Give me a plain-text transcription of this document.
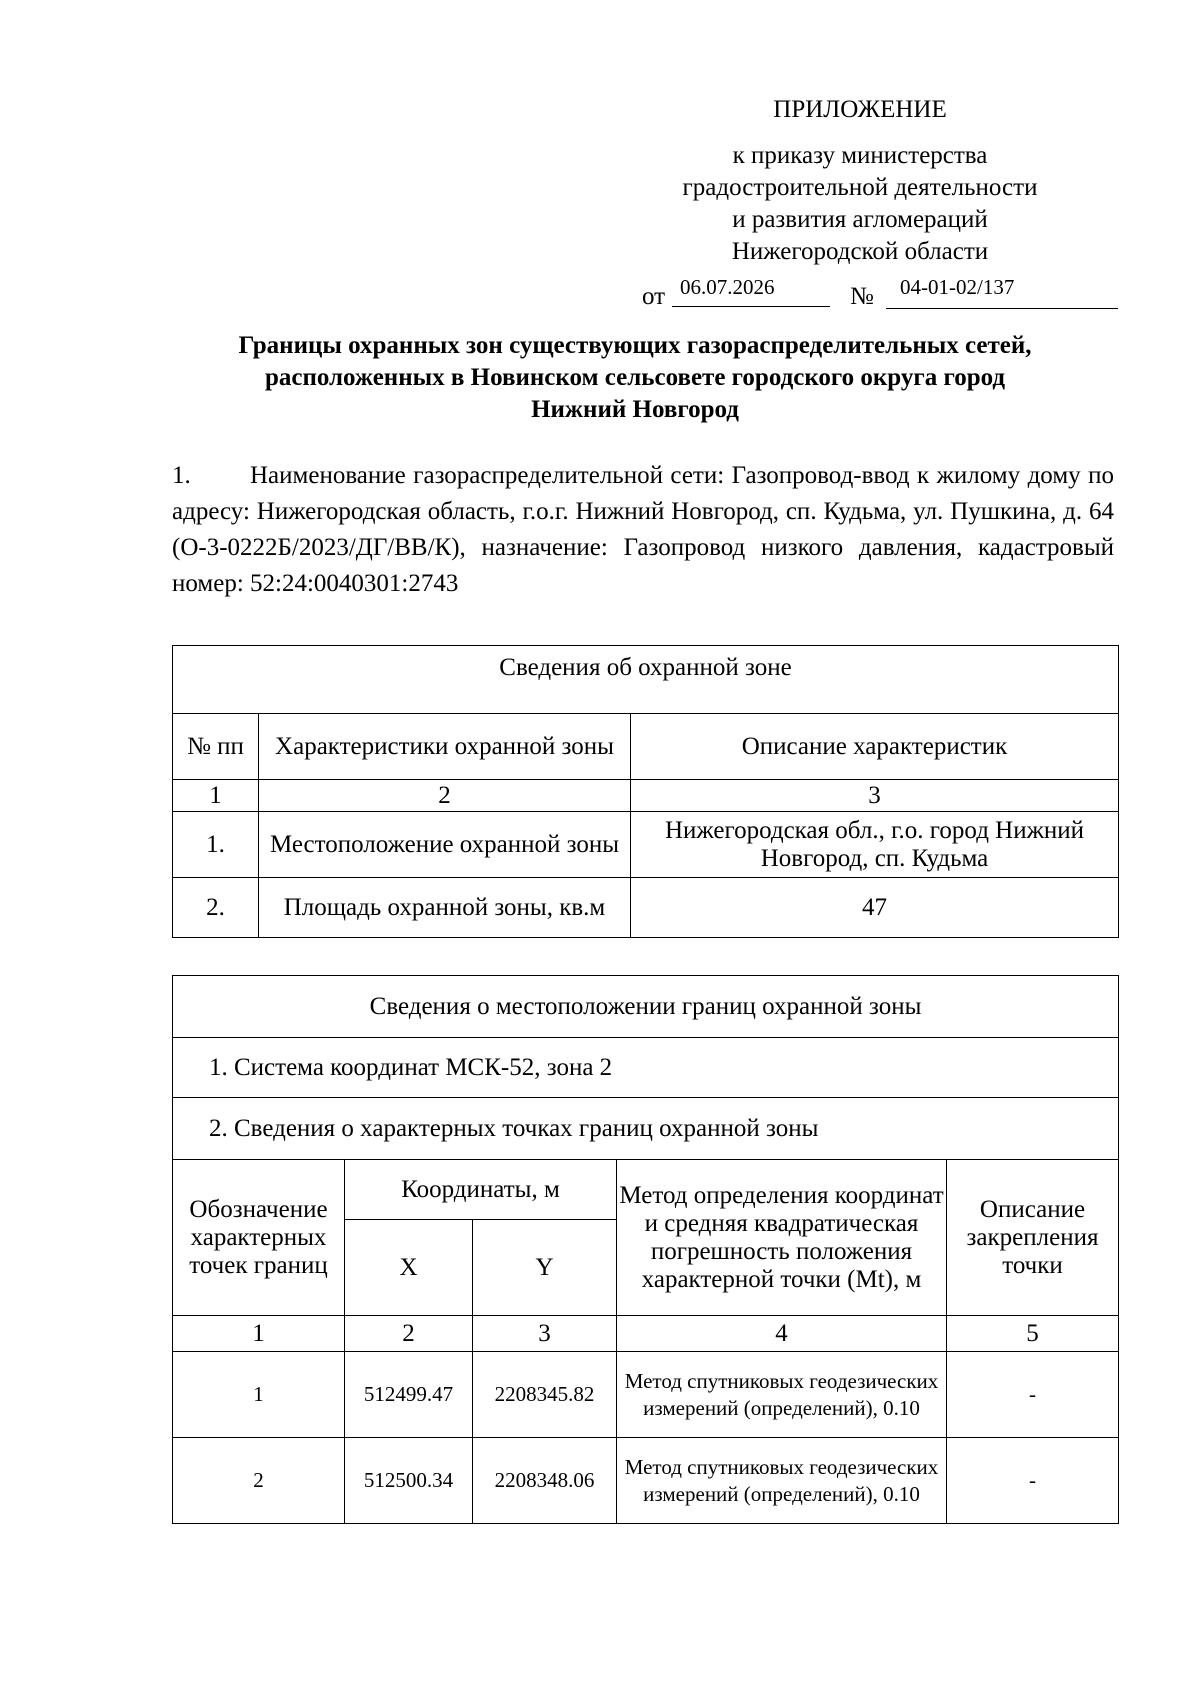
ПРИЛОЖЕНИЕ
к приказу министерства
градостроительной деятельности
и развития агломераций
Нижегородской области
от 06.07.2026	№	04-01-02/137
Границы охранных зон существующих газораспределительных сетей,
расположенных в Новинском сельсовете городского округа город
Нижний Новгород
1. Наименование газораспределительной сети: Газопровод-ввод к жилому дому по адресу: Нижегородская область, г.о.г. Нижний Новгород, сп. Кудьма, ул. Пушкина, д. 64 (О-3-0222Б/2023/ДГ/ВВ/К), назначение: Газопровод низкого давления, кадастровый номер: 52:24:0040301:2743
Сведения об охранной зоне		
№ пп	Характеристики охранной зоны	Описание характеристик
1	2	3
1.	Местоположение охранной зоны	Нижегородская обл., г.о. город Нижний Новгород, сп. Кудьма
2.	Площадь охранной зоны, кв.м	47
Сведения о местоположении границ охранной зоны				
1. Система координат МСК-52, зона 2				
2. Сведения о характерных точках границ охранной зоны				
Обозначение характерных точек границ	Координаты, м		Метод определения координат и средняя квадратическая погрешность положения характерной точки (Mt), м	Описание закрепления точки
	X	Y		
1	2	3	4	5
1	512499.47	2208345.82	Метод спутниковых геодезических измерений (определений), 0.10	-
2	512500.34	2208348.06	Метод спутниковых геодезических измерений (определений), 0.10	-
